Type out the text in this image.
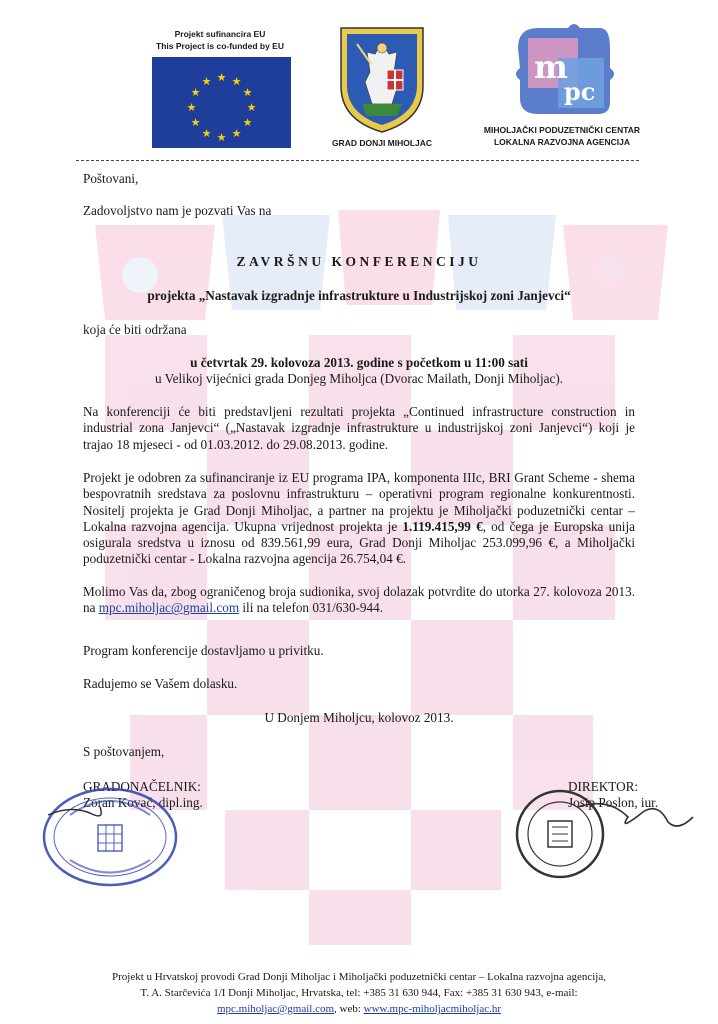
Projekt sufinancira EU
This Project is co-funded by EU
★ ★
★
★
★
★
★
★
★
★
★
★
GRAD DONJI MIHOLJAC
m
pc
MIHOLJAČKI PODUZETNIČKI CENTAR
LOKALNA RAZVOJNA AGENCIJA
Poštovani,
Zadovoljstvo nam je pozvati Vas na
ZAVRŠNU KONFERENCIJU
projekta „Nastavak izgradnje infrastrukture u Industrijskoj zoni Janjevci“
koja će biti održana
u četvrtak 29. kolovoza 2013. godine s početkom u 11:00 sati
u Velikoj vijećnici grada Donjeg Miholjca (Dvorac Mailath, Donji Miholjac).
Na konferenciji će biti predstavljeni rezultati projekta „Continued infrastructure construction in industrial zona Janjevci“ („Nastavak izgradnje infrastrukture u industrijskoj zoni Janjevci“) koji je trajao 18 mjeseci - od 01.03.2012. do 29.08.2013. godine.
Projekt je odobren za sufinanciranje iz EU programa IPA, komponenta IIIc, BRI Grant Scheme - shema bespovratnih sredstava za poslovnu infrastrukturu – operativni program regionalne konkurentnosti. Nositelj projekta je Grad Donji Miholjac, a partner na projektu je Miholjački poduzetnički centar – Lokalna razvojna agencija. Ukupna vrijednost projekta je 1.119.415,99 €, od čega je Europska unija osigurala sredstva u iznosu od 839.561,99 eura, Grad Donji Miholjac 253.099,96 €, a Miholjački poduzetnički centar - Lokalna razvojna agencija 26.754,04 €.
Molimo Vas da, zbog ograničenog broja sudionika, svoj dolazak potvrdite do utorka 27. kolovoza 2013. na mpc.miholjac@gmail.com ili na telefon 031/630-944.
Program konferencije dostavljamo u privitku.
Radujemo se Vašem dolasku.
U Donjem Miholjcu, kolovoz 2013.
S poštovanjem,
GRADONAČELNIK:
Zoran Kovač, dipl.ing.
DIREKTOR:
Josip Poslon, iur.
Projekt u Hrvatskoj provodi Grad Donji Miholjac i Miholjački poduzetnički centar – Lokalna razvojna agencija,
T. A. Starčevića 1/I Donji Miholjac, Hrvatska, tel: +385 31 630 944, Fax: +385 31 630 943, e-mail:
mpc.miholjac@gmail.com, web: www.mpc-miholjacmiholjac.hr
